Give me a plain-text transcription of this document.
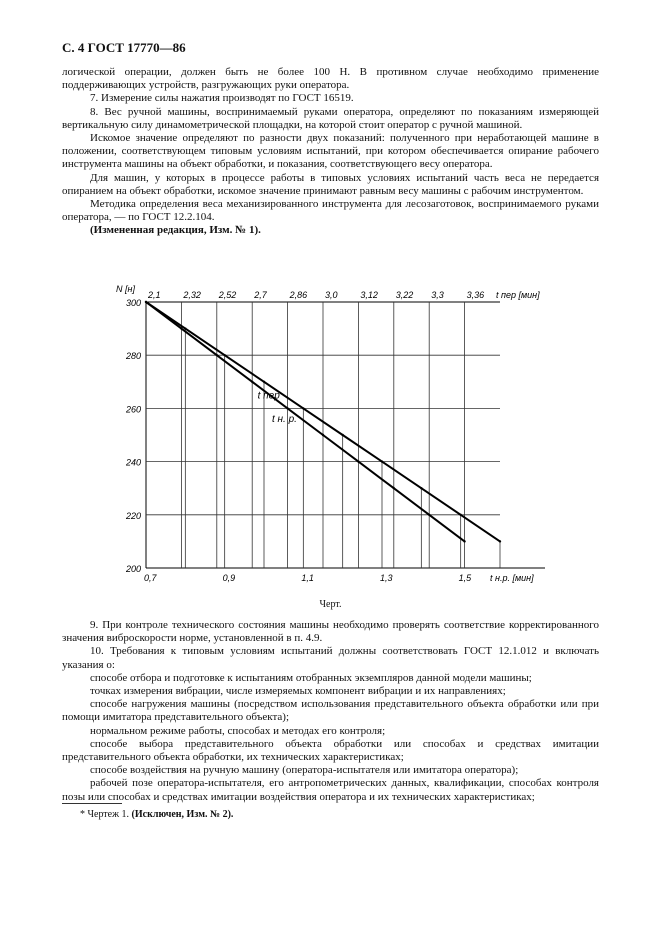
С. 4 ГОСТ 17770—86

логической операции, должен быть не более 100 Н. В противном случае необходимо применение поддерживающих устройств, разгружающих руки оператора.

7. Измерение силы нажатия производят по ГОСТ 16519.

8. Вес ручной машины, воспринимаемый руками оператора, определяют по показаниям измеряющей вертикальную силу динамометрической площадки, на которой стоит оператор с ручной машиной.

Искомое значение определяют по разности двух показаний: полученного при неработающей машине в положении, соответствующем типовым условиям испытаний, при котором обеспечивается опирание рабочего инструмента машины на объект обработки, и показания, соответствующего весу оператора.

Для машин, у которых в процессе работы в типовых условиях испытаний часть веса не передается опиранием на объект обработки, искомое значение принимают равным весу машины с рабочим инструментом.

Методика определения веса механизированного инструмента для лесозаготовок, воспринимаемого руками оператора, — по ГОСТ 12.2.104.

(Измененная редакция, Изм. № 1).

200
220
240
260
280
300
N [н]
2,1	2,32 2,52 2,7	2,86 3,0	3,12 3,22 3,3	3,36 t пер [мин]
0,7	0,9	1,1	1,3	1,5 t н.р. [мин]
t пер
t н. р.
Черт.

9. При контроле технического состояния машины необходимо проверять соответствие корректированного значения виброскорости норме, установленной в п. 4.9.

10. Требования к типовым условиям испытаний должны соответствовать ГОСТ 12.1.012 и включать указания о:

способе отбора и подготовке к испытаниям отобранных экземпляров данной модели машины;

точках измерения вибрации, числе измеряемых компонент вибрации и их направлениях;

способе нагружения машины (посредством использования представительного объекта обработки или при помощи имитатора представительного объекта);

нормальном режиме работы, способах и методах его контроля;

способе выбора представительного объекта обработки или способах и средствах имитации представительного объекта обработки, их технических характеристиках;

способе воздействия на ручную машину (оператора-испытателя или имитатора оператора);

рабочей позе оператора-испытателя, его антропометрических данных, квалификации, способах контроля позы или способах и средствах имитации воздействия оператора и их технических характеристиках;

* Чертеж 1. (Исключен, Изм. № 2).
